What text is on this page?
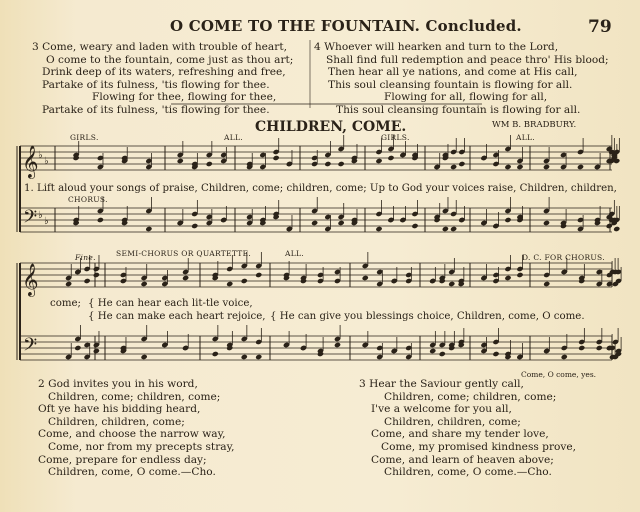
O COME TO THE FOUNTAIN. Concluded.	79
3 Come, weary and laden with trouble of heart,
O come to the fountain, come just as thou art;
Drink deep of its waters, refreshing and free,
Partake of its fulness, 'tis flowing for thee.
Flowing for thee, flowing for thee,
Partake of its fulness, 'tis flowing for thee.
4 Whoever will hearken and turn to the Lord,
Shall find full redemption and peace thro' His blood;
Then hear all ye nations, and come at His call,
This soul cleansing fountain is flowing for all.
Flowing for all, flowing for all,
This soul cleansing fountain is flowing for all.
CHILDREN, COME.	WM B. BRADBURY.
GIRLS.	ALL.	GIRLS.	ALL.
1. Lift aloud your songs of praise, Children, come; children, come; Up to God your voices raise, Children, children,
CHORUS.
Fine.	SEMI-CHORUS OR QUARTETTE.	ALL.	D. C. FOR CHORUS.
come; { He can hear each lit-tle voice,
{ He can make each heart rejoice, { He can give you blessings choice, Children, come, O come.
Come, O come, yes.
2 God invites you in his word,
Children, come; children, come;
Oft ye have his bidding heard,
Children, children, come;
Come, and choose the narrow way,
Come, nor from my precepts stray,
Come, prepare for endless day;
Children, come, O come.—Cho.
3 Hear the Saviour gently call,
Children, come; children, come;
I've a welcome for you all,
Children, children, come;
Come, and share my tender love,
Come, my promised kindness prove,
Come, and learn of heaven above;
Children, come, O come.—Cho.
𝄞
𝄢
𝄞
𝄢
♭
♭
♭
♭
